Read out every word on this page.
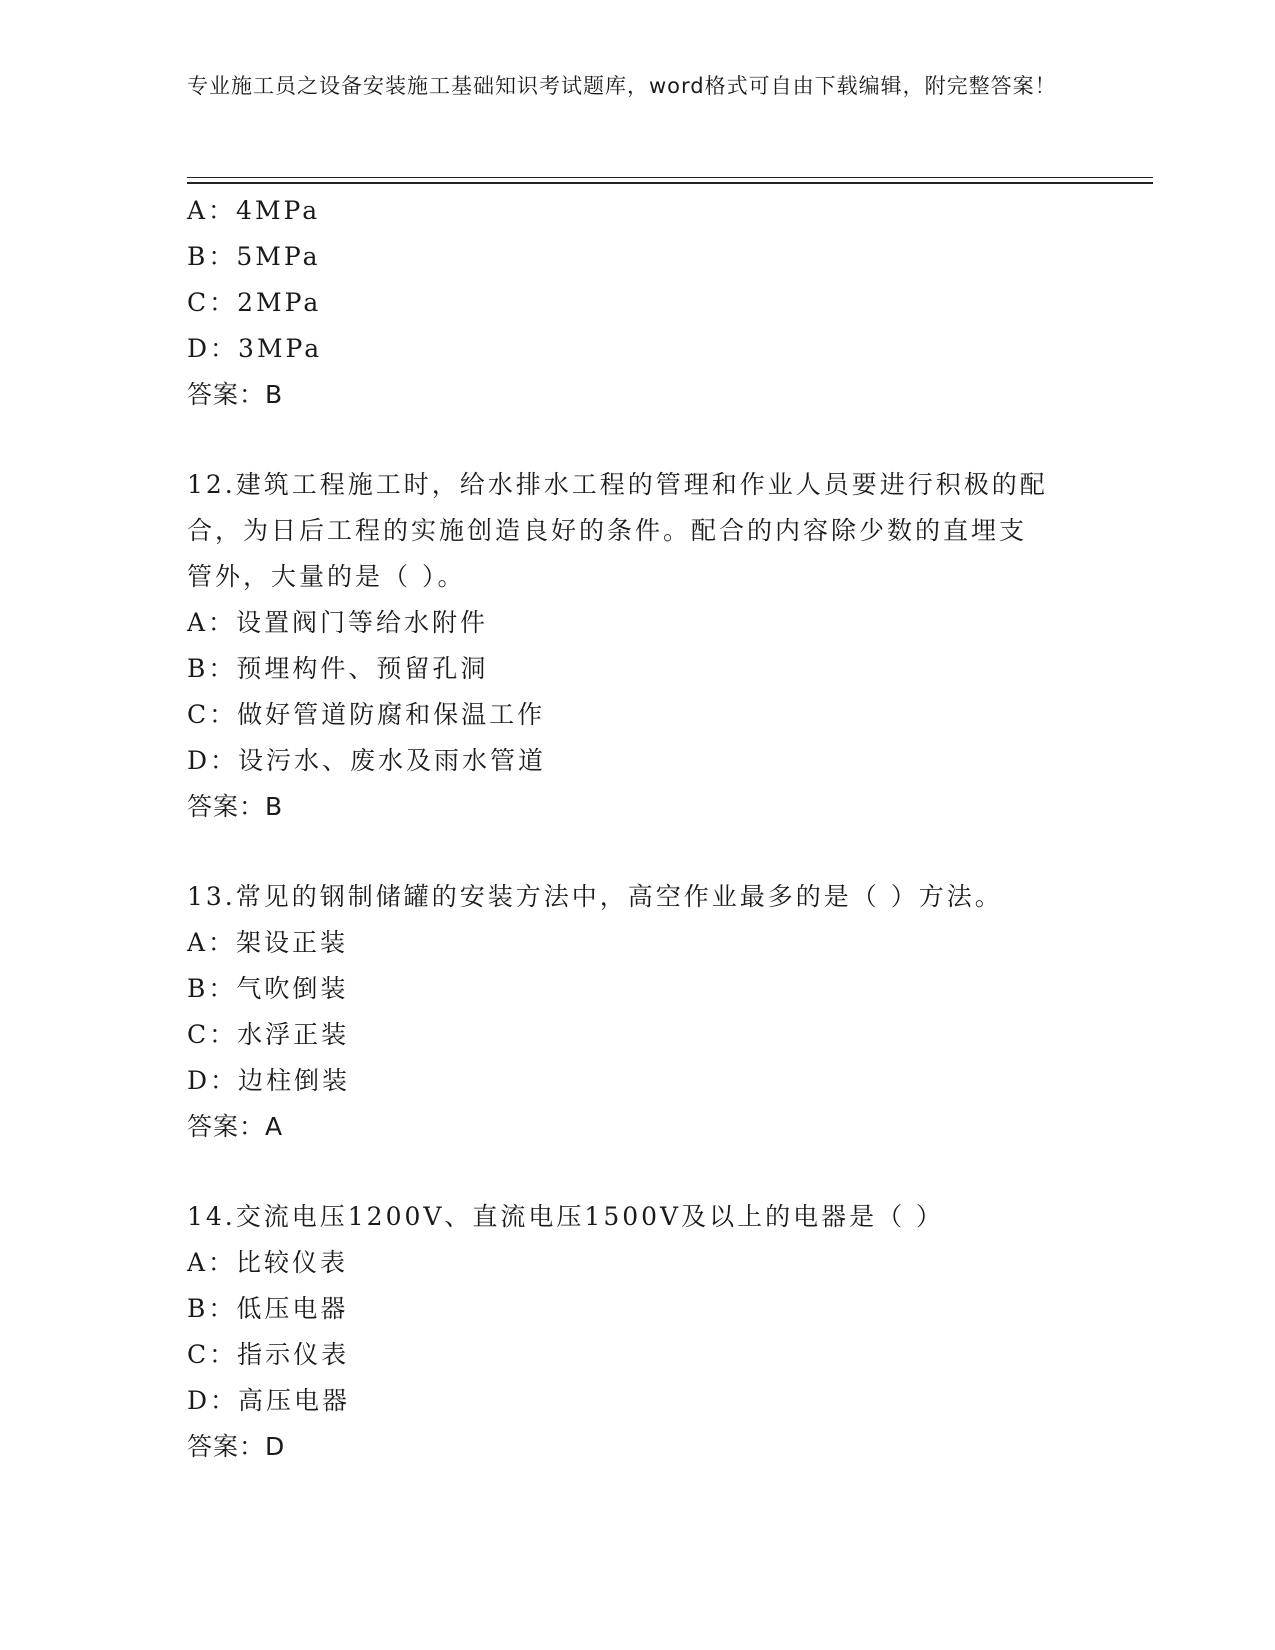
专业施工员之设备安装施工基础知识考试题库，word格式可自由下载编辑，附完整答案！
A：4MPa
B：5MPa
C：2MPa
D：3MPa
答案：B
12.建筑工程施工时，给水排水工程的管理和作业人员要进行积极的配
合，为日后工程的实施创造良好的条件。配合的内容除少数的直埋支
管外，大量的是（ ）。
A：设置阀门等给水附件
B：预埋构件、预留孔洞
C：做好管道防腐和保温工作
D：设污水、废水及雨水管道
答案：B
13.常见的钢制储罐的安装方法中，高空作业最多的是（ ）方法。
A：架设正装
B：气吹倒装
C：水浮正装
D：边柱倒装
答案：A
14.交流电压1200V、直流电压1500V及以上的电器是（ ）
A：比较仪表
B：低压电器
C：指示仪表
D：高压电器
答案：D
